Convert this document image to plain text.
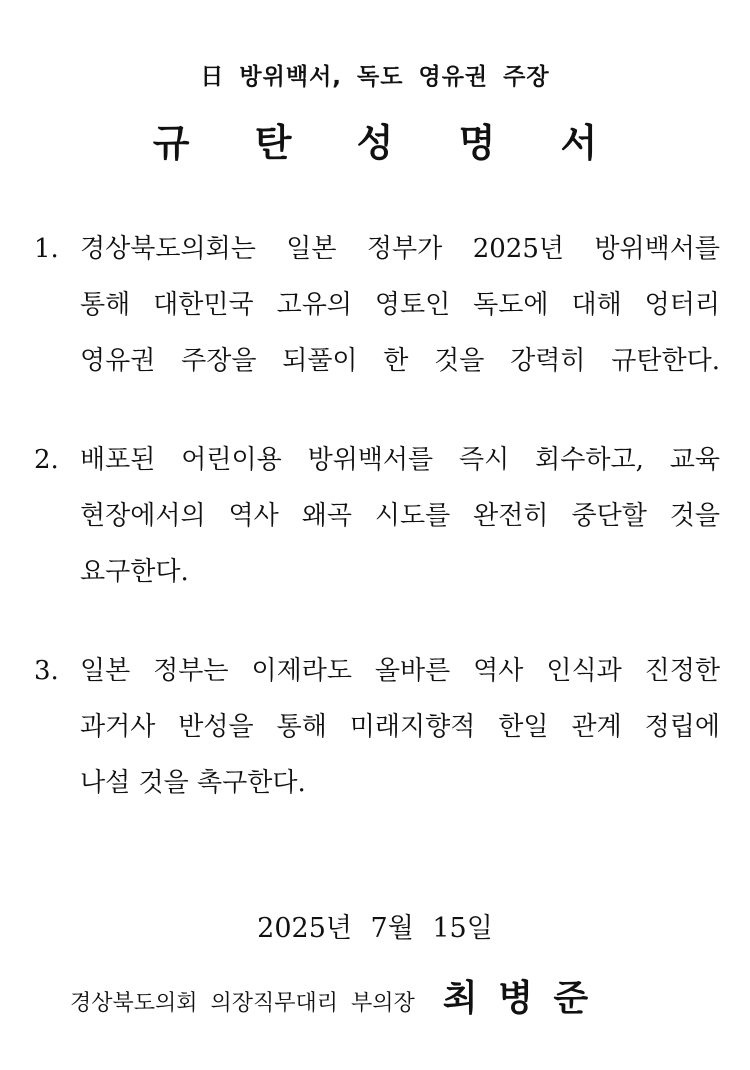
日 방위백서, 독도 영유권 주장
규 탄 성 명 서
1. 경상북도의회는 일본 정부가 2025년 방위백서를
통해 대한민국 고유의 영토인 독도에 대해 엉터리
영유권 주장을 되풀이 한 것을 강력히 규탄한다.
2. 배포된 어린이용 방위백서를 즉시 회수하고, 교육
현장에서의 역사 왜곡 시도를 완전히 중단할 것을
요구한다.
3. 일본 정부는 이제라도 올바른 역사 인식과 진정한
과거사 반성을 통해 미래지향적 한일 관계 정립에
나설 것을 촉구한다.
2025년 7월 15일
경상북도의회 의장직무대리 부의장 최 병 준
